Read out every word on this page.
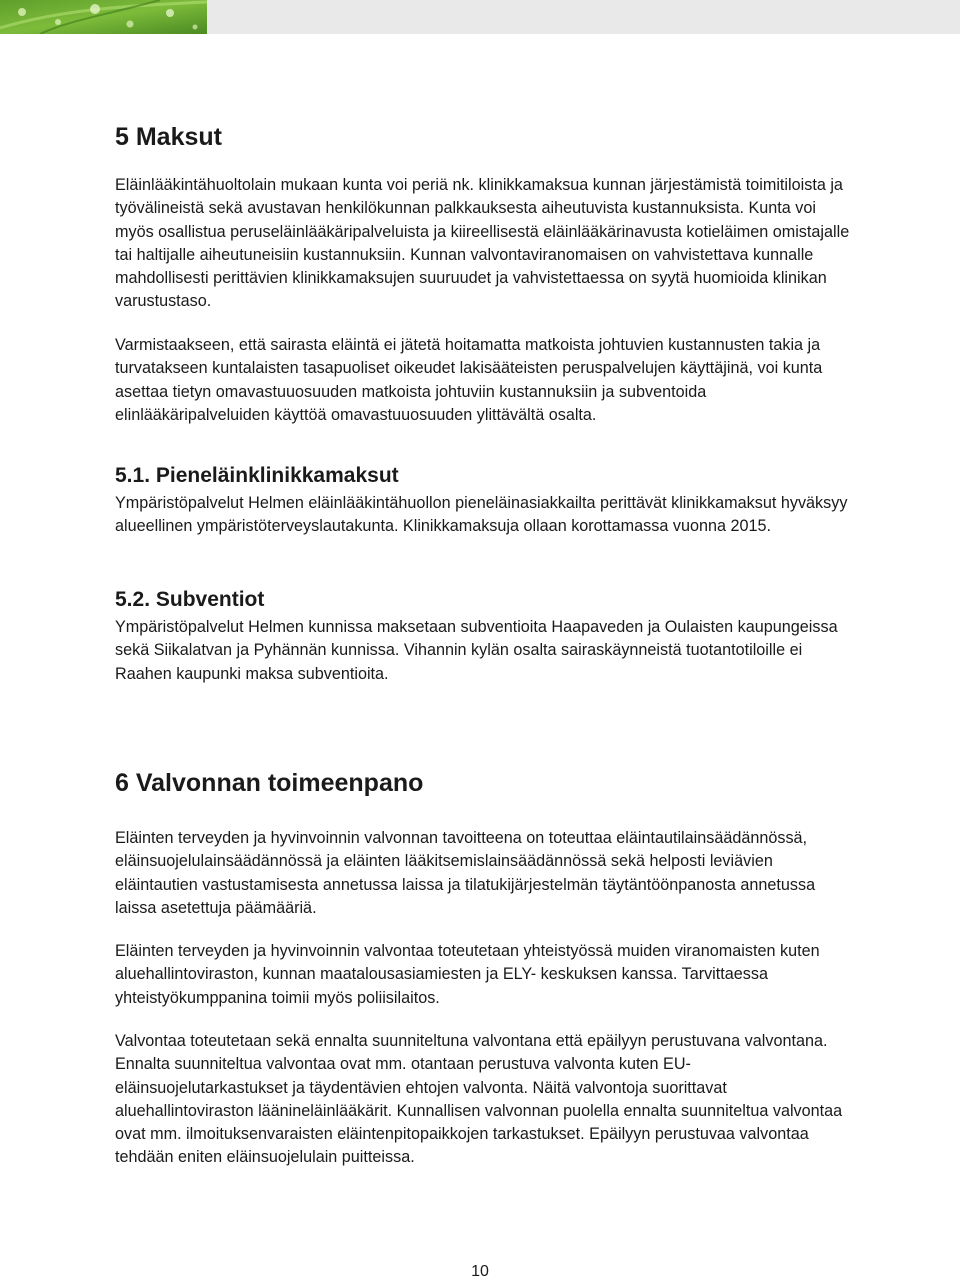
5 Maksut

Eläinlääkintähuoltolain mukaan kunta voi periä nk. klinikkamaksua kunnan järjestämistä toimitiloista ja työvälineistä sekä avustavan henkilökunnan palkkauksesta aiheutuvista kustannuksista. Kunta voi myös osallistua peruseläinlääkäripalveluista ja kiireellisestä eläinlääkärinavusta kotieläimen omistajalle tai haltijalle aiheutuneisiin kustannuksiin. Kunnan valvontaviranomaisen on vahvistettava kunnalle mahdollisesti perittävien klinikkamaksujen suuruudet ja vahvistettaessa on syytä huomioida klinikan varustustaso.

Varmistaakseen, että sairasta eläintä ei jätetä hoitamatta matkoista johtuvien kustannusten takia ja turvatakseen kuntalaisten tasapuoliset oikeudet lakisääteisten peruspalvelujen käyttäjinä, voi kunta asettaa tietyn omavastuuosuuden matkoista johtuviin kustannuksiin ja subventoida elinlääkäripalveluiden käyttöä omavastuuosuuden ylittävältä osalta.

5.1. Pieneläinklinikkamaksut

Ympäristöpalvelut Helmen eläinlääkintähuollon pieneläinasiakkailta perittävät klinikkamaksut hyväksyy alueellinen ympäristöterveyslautakunta. Klinikkamaksuja ollaan korottamassa vuonna 2015.

5.2. Subventiot

Ympäristöpalvelut Helmen kunnissa maksetaan subventioita Haapaveden ja Oulaisten kaupungeissa sekä Siikalatvan ja Pyhännän kunnissa. Vihannin kylän osalta sairaskäynneistä tuotantotiloille ei Raahen kaupunki maksa subventioita.

6 Valvonnan toimeenpano

Eläinten terveyden ja hyvinvoinnin valvonnan tavoitteena on toteuttaa eläintautilainsäädännössä, eläinsuojelulainsäädännössä ja eläinten lääkitsemislainsäädännössä sekä helposti leviävien eläintautien vastustamisesta annetussa laissa ja tilatukijärjestelmän täytäntöönpanosta annetussa laissa asetettuja päämääriä.

Eläinten terveyden ja hyvinvoinnin valvontaa toteutetaan yhteistyössä muiden viranomaisten kuten aluehallintoviraston, kunnan maatalousasiamiesten ja ELY- keskuksen kanssa. Tarvittaessa yhteistyökumppanina toimii myös poliisilaitos.

Valvontaa toteutetaan sekä ennalta suunniteltuna valvontana että epäilyyn perustuvana valvontana. Ennalta suunniteltua valvontaa ovat mm. otantaan perustuva valvonta kuten EU-eläinsuojelutarkastukset ja täydentävien ehtojen valvonta. Näitä valvontoja suorittavat aluehallintoviraston läänineläinlääkärit. Kunnallisen valvonnan puolella ennalta suunniteltua valvontaa ovat mm. ilmoituksenvaraisten eläintenpitopaikkojen tarkastukset. Epäilyyn perustuvaa valvontaa tehdään eniten eläinsuojelulain puitteissa.

10
